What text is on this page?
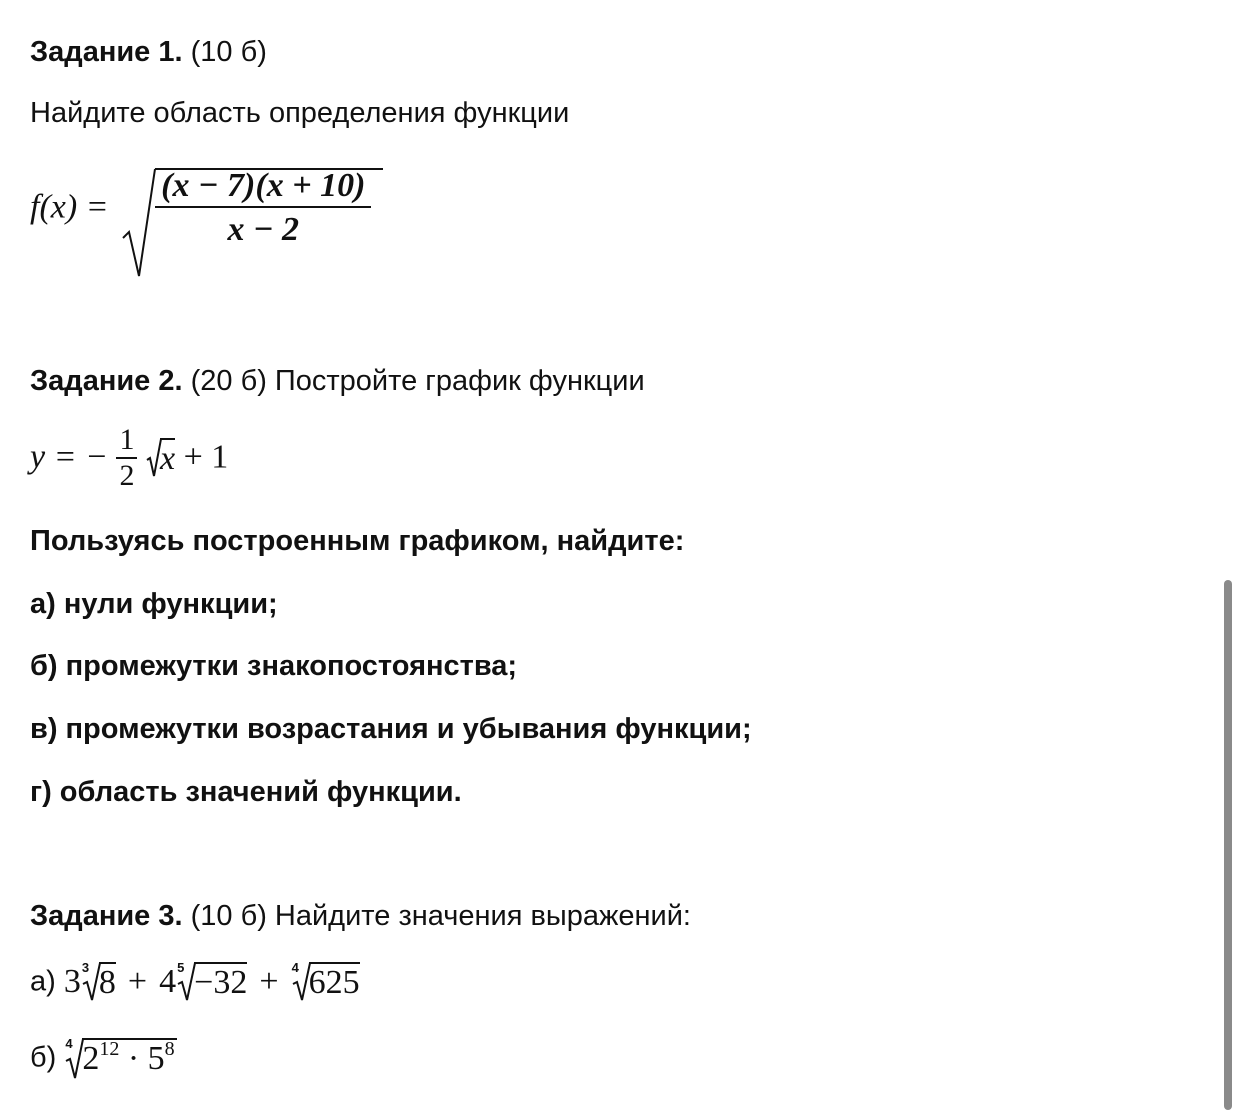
Задание 1. (10 б)
Найдите область определения функции
$f(x) = \frac{(x - 7)(x + 10)}{x - 2}$
Задание 2. (20 б) Постройте график функции
y = − $\frac{1}{2}$
x + 1
Пользуясь построенным графиком, найдите:
а) нули функции;
б) промежутки знакопостоянства;
в) промежутки возрастания и убывания функции;
г) область значений функции.
Задание 3. (10 б) Найдите значения выражений:
а) 3 3 8 + 4 5 −32 + 4 625
б) 4 $2^{12} \cdot 5^8$
